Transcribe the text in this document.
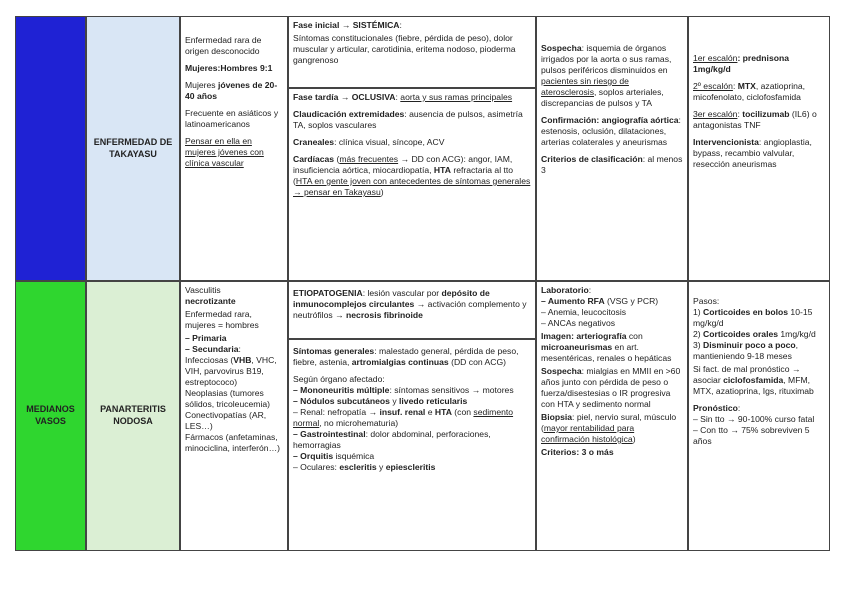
ENFERMEDAD DE TAKAYASU

Enfermedad rara de origen desconocido

Mujeres:Hombres 9:1

Mujeres jóvenes de 20-40 años

Frecuente en asiáticos y latinoamericanos

Pensar en ella en mujeres jóvenes con clínica vascular

Fase inicial → SISTÉMICA:

Síntomas constitucionales (fiebre, pérdida de peso), dolor muscular y articular, carotidinia, eritema nodoso, pioderma gangrenoso

Fase tardía → OCLUSIVA: aorta y sus ramas principales

Claudicación extremidades: ausencia de pulsos, asimetría TA, soplos vasculares

Craneales: clínica visual, síncope, ACV

Cardíacas (más frecuentes → DD con ACG): angor, IAM, insuficiencia aórtica, miocardiopatía, HTA refractaria al tto (HTA en gente joven con antecedentes de síntomas generales → pensar en Takayasu)

Sospecha: isquemia de órganos irrigados por la aorta o sus ramas, pulsos periféricos disminuidos en pacientes sin riesgo de aterosclerosis, soplos arteriales, discrepancias de pulsos y TA

Confirmación: angiografía aórtica: estenosis, oclusión, dilataciones, arterias colaterales y aneurismas

Criterios de clasificación: al menos 3

1er escalón: prednisona 1mg/kg/d

2º escalón: MTX, azatioprina, micofenolato, ciclofosfamida

3er escalón: tocilizumab (IL6) o antagonistas TNF

Intervencionista: angioplastia, bypass, recambio valvular, resección aneurismas

MEDIANOS VASOS
PANARTERITIS NODOSA

Vasculitis
necrotizante

Enfermedad rara, mujeres = hombres

– Primaria
– Secundaria:
Infecciosas (VHB, VHC, VIH, parvovirus B19, estreptococo)
Neoplasias (tumores sólidos, tricoleucemia)
Conectivopatías (AR, LES…)
Fármacos (anfetaminas, minociclina, interferón…)
ETIOPATOGENIA: lesión vascular por depósito de inmunocomplejos circulantes → activación complemento y neutrófilos → necrosis fibrinoide

Síntomas generales: malestado general, pérdida de peso, fiebre, astenia, artromialgias continuas (DD con ACG)

Según órgano afectado:
– Mononeuritis múltiple: síntomas sensitivos → motores
– Nódulos subcutáneos y livedo reticularis
– Renal: nefropatía → insuf. renal e HTA (con sedimento normal, no microhematuria)
– Gastrointestinal: dolor abdominal, perforaciones, hemorragias
– Orquitis isquémica
– Oculares: escleritis y epiescleritis

Laboratorio:
– Aumento RFA (VSG y PCR)
– Anemia, leucocitosis
– ANCAs negativos

Imagen: arteriografía con microaneurismas en art. mesentéricas, renales o hepáticas

Sospecha: mialgias en MMII en >60 años junto con pérdida de peso o fuerza/disestesias o IR progresiva con HTA y sedimento normal

Biopsia: piel, nervio sural, músculo (mayor rentabilidad para confirmación histológica)

Criterios: 3 o más

Pasos:
1) Corticoides en bolos 10-15 mg/kg/d
2) Corticoides orales 1mg/kg/d
3) Disminuir poco a poco, mantieniendo 9-18 meses

Si fact. de mal pronóstico → asociar ciclofosfamida, MFM, MTX, azatioprina, Igs, rituximab

Pronóstico:
– Sin tto → 90-100% curso fatal
– Con tto → 75% sobreviven 5 años
